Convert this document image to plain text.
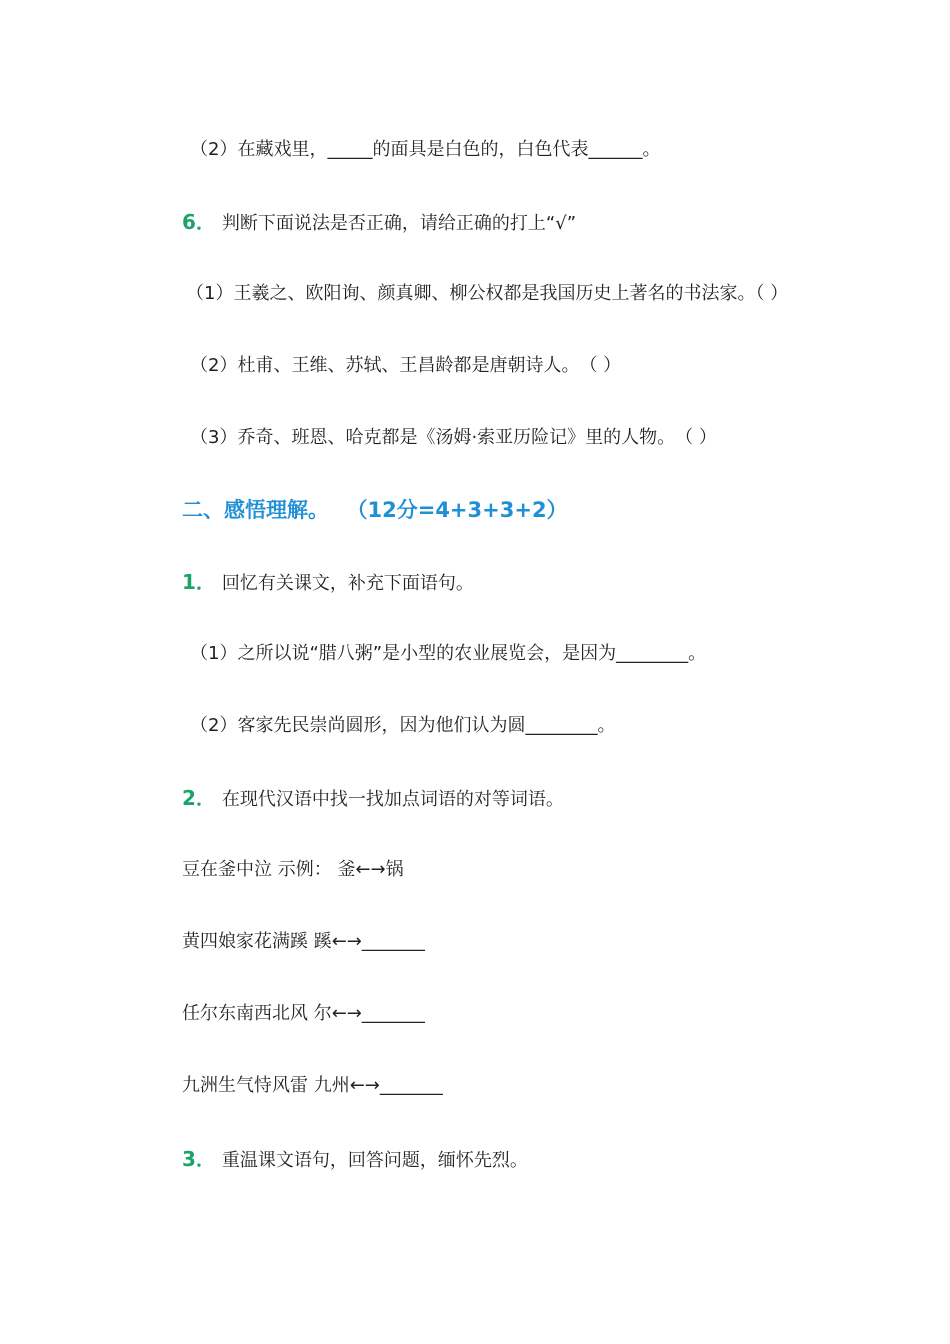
（2）在藏戏里，_____的面具是白色的，白色代表______。
6． 判断下面说法是否正确，请给正确的打上“√”
（1）王羲之、欧阳询、颜真卿、柳公权都是我国历史上著名的书法家。（ ）
（2）杜甫、王维、苏轼、王昌龄都是唐朝诗人。　（ ）
（3）乔奇、班恩、哈克都是《汤姆·索亚历险记》里的人物。　（ ）
二、感悟理解。 （12分=4+3+3+2）
1． 回忆有关课文，补充下面语句。
（1）之所以说“腊八粥”是小型的农业展览会，是因为________。
（2）客家先民崇尚圆形，因为他们认为圆________。
2． 在现代汉语中找一找加点词语的对等词语。
豆在釜中泣 示例： 釜←→锅
黄四娘家花满蹊 蹊←→_______
任尔东南西北风 尔←→_______
九洲生气恃风雷 九州←→_______
3． 重温课文语句，回答问题，缅怀先烈。
